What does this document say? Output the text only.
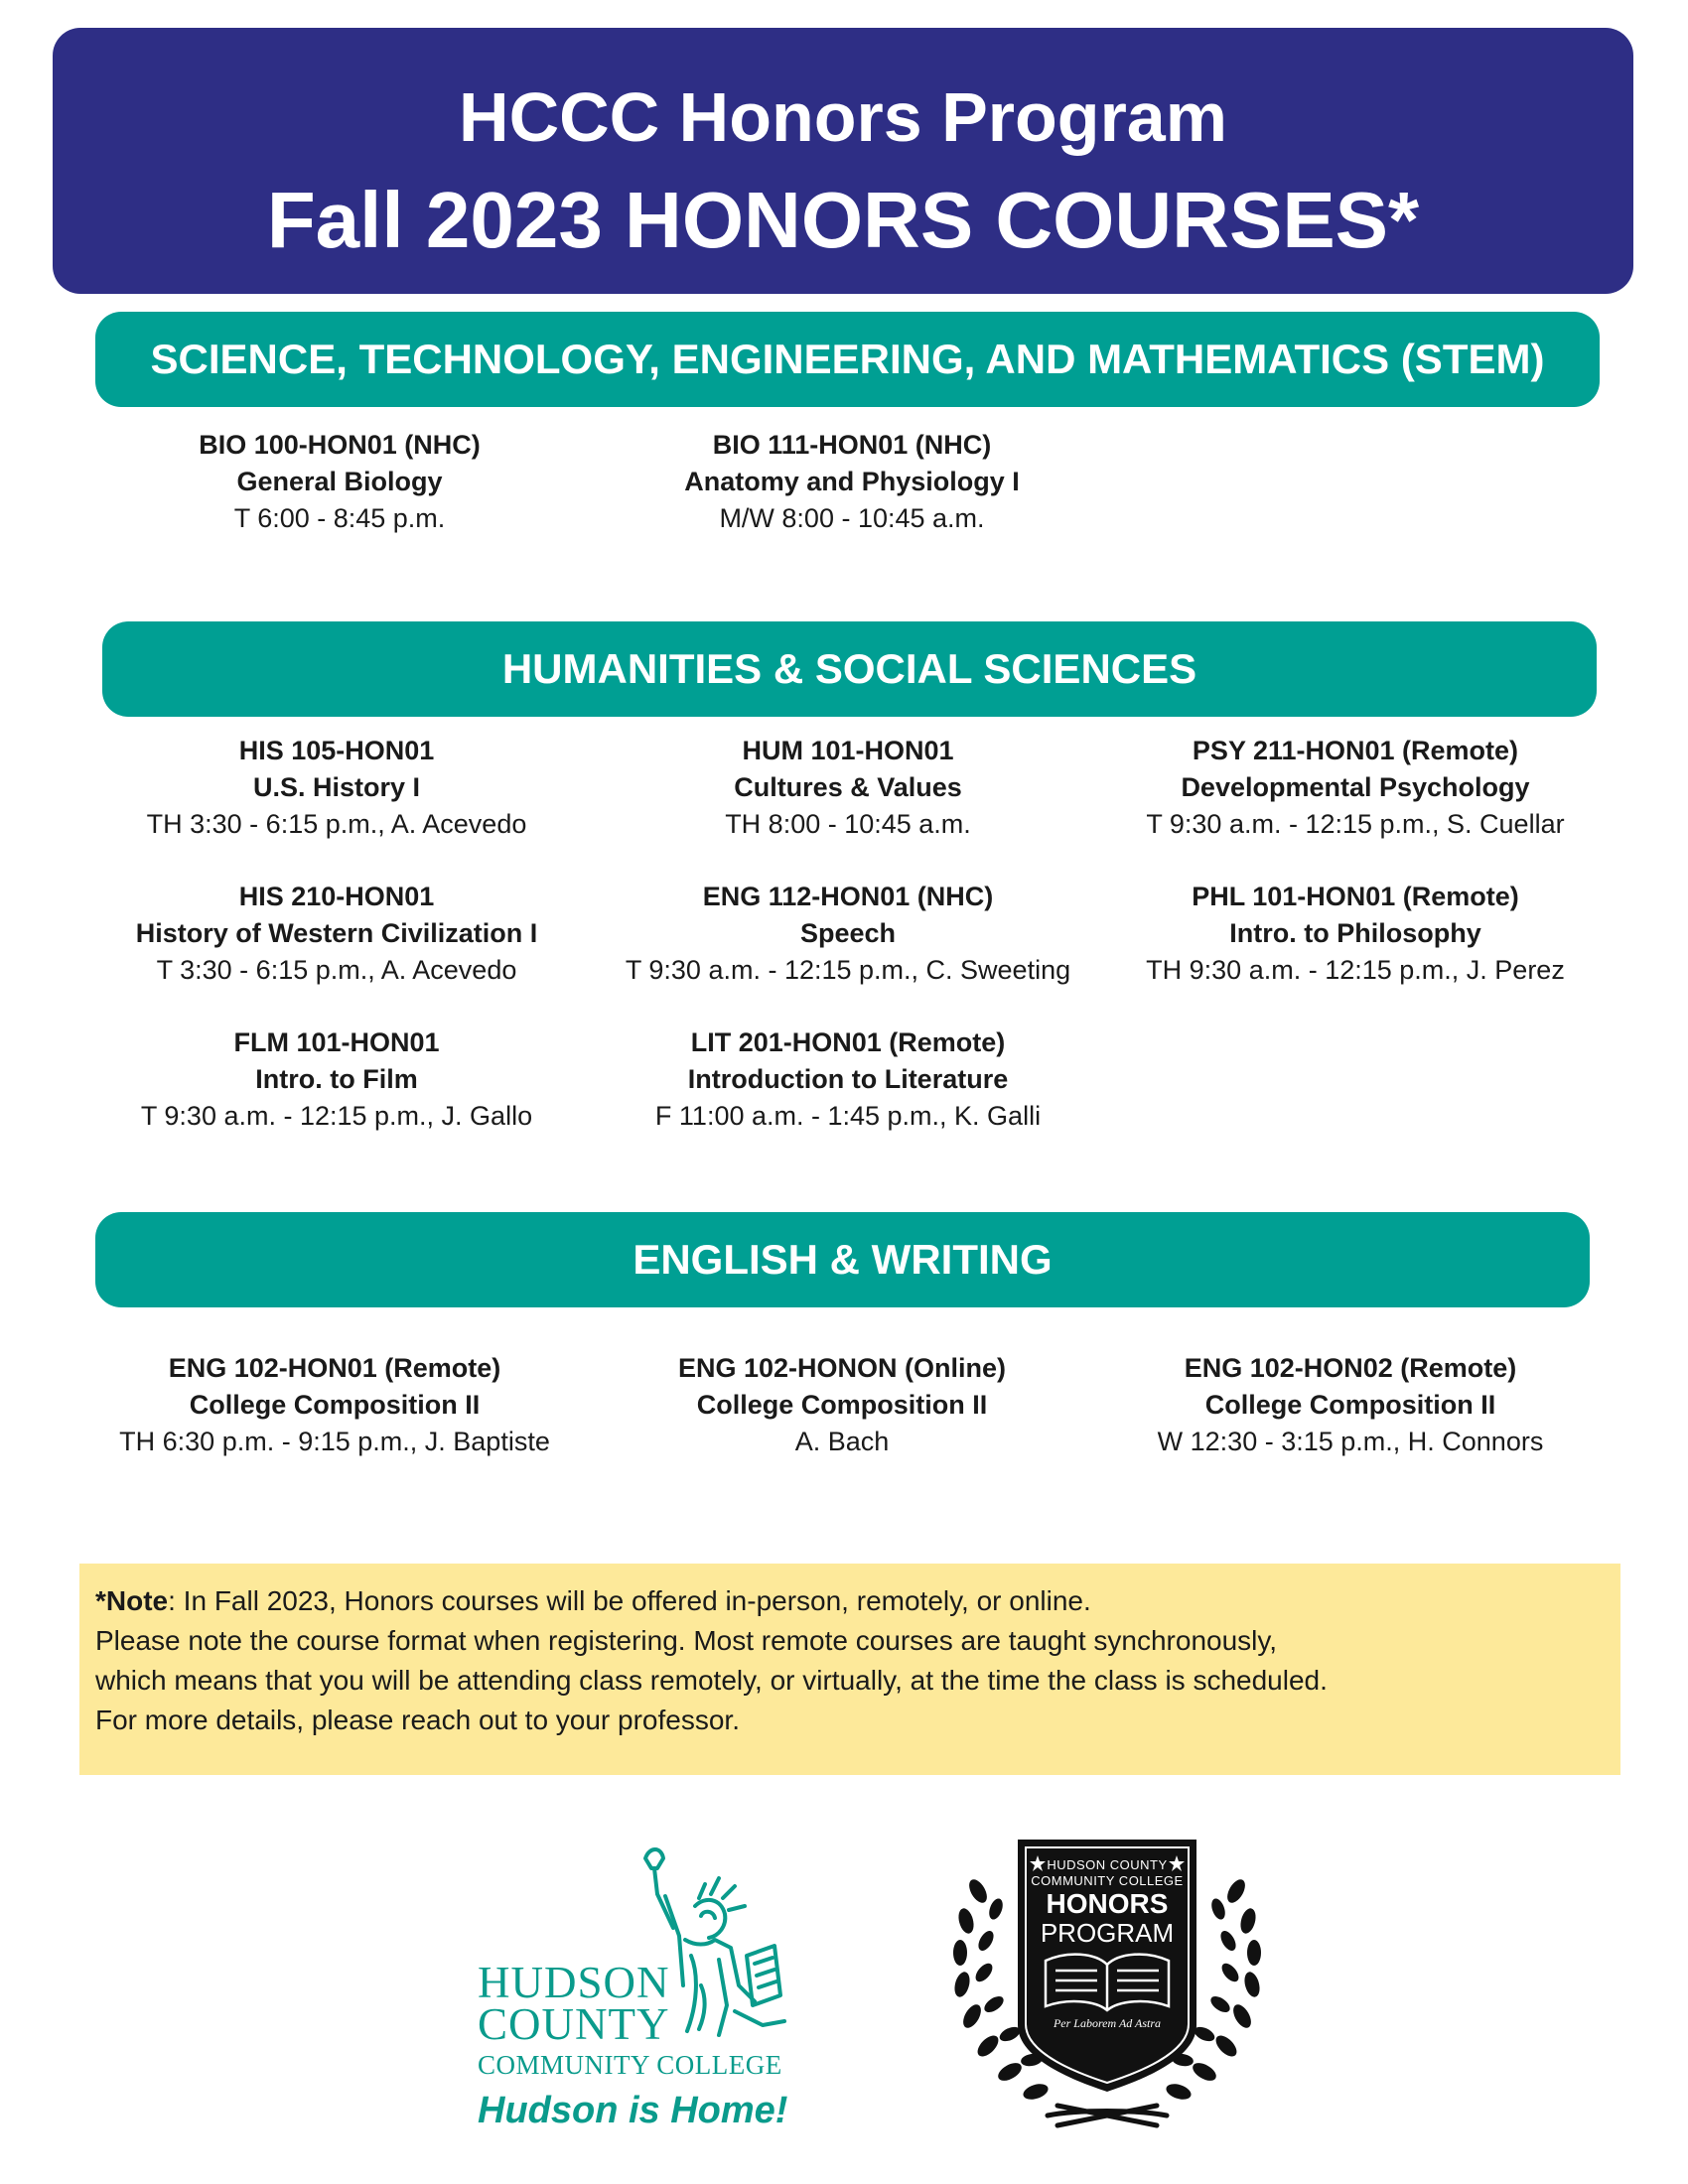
HCCC Honors Program
Fall 2023 HONORS COURSES*
SCIENCE, TECHNOLOGY, ENGINEERING, AND MATHEMATICS (STEM)
BIO 100-HON01 (NHC)
General Biology
T 6:00 - 8:45 p.m.
BIO 111-HON01 (NHC)
Anatomy and Physiology I
M/W 8:00 - 10:45 a.m.
HUMANITIES & SOCIAL SCIENCES
HIS 105-HON01
U.S. History I
TH 3:30 - 6:15 p.m., A. Acevedo
HUM 101-HON01
Cultures & Values
TH 8:00 - 10:45 a.m.
PSY 211-HON01 (Remote)
Developmental Psychology
T 9:30 a.m. - 12:15 p.m., S. Cuellar
HIS 210-HON01
History of Western Civilization I
T 3:30 - 6:15 p.m., A. Acevedo
ENG 112-HON01 (NHC)
Speech
T 9:30 a.m. - 12:15 p.m., C. Sweeting
PHL 101-HON01 (Remote)
Intro. to Philosophy
TH 9:30 a.m. - 12:15 p.m., J. Perez
FLM 101-HON01
Intro. to Film
T 9:30 a.m. - 12:15 p.m., J. Gallo
LIT 201-HON01 (Remote)
Introduction to Literature
F 11:00 a.m. - 1:45 p.m., K. Galli
ENGLISH & WRITING
ENG 102-HON01 (Remote)
College Composition II
TH 6:30 p.m. - 9:15 p.m., J. Baptiste
ENG 102-HONON (Online)
College Composition II
A. Bach
ENG 102-HON02 (Remote)
College Composition II
W 12:30 - 3:15 p.m., H. Connors
*Note: In Fall 2023, Honors courses will be offered in-person, remotely, or online.
Please note the course format when registering. Most remote courses are taught synchronously,
which means that you will be attending class remotely, or virtually, at the time the class is scheduled.
For more details, please reach out to your professor.
HUDSON
COUNTY
COMMUNITY COLLEGE
Hudson is Home!
HUDSON COUNTY
COMMUNITY COLLEGE
HONORS
PROGRAM
Per Laborem Ad Astra
